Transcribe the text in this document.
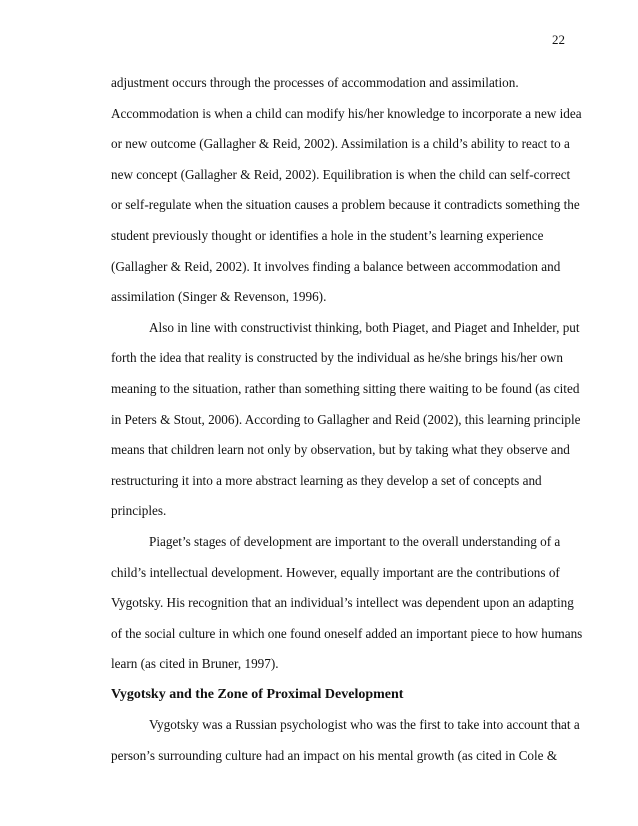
22
adjustment occurs through the processes of accommodation and assimilation.
Accommodation is when a child can modify his/her knowledge to incorporate a new idea
or new outcome (Gallagher & Reid, 2002). Assimilation is a child’s ability to react to a
new concept (Gallagher & Reid, 2002). Equilibration is when the child can self-correct
or self-regulate when the situation causes a problem because it contradicts something the
student previously thought or identifies a hole in the student’s learning experience
(Gallagher & Reid, 2002). It involves finding a balance between accommodation and
assimilation (Singer & Revenson, 1996).
Also in line with constructivist thinking, both Piaget, and Piaget and Inhelder, put
forth the idea that reality is constructed by the individual as he/she brings his/her own
meaning to the situation, rather than something sitting there waiting to be found (as cited
in Peters & Stout, 2006). According to Gallagher and Reid (2002), this learning principle
means that children learn not only by observation, but by taking what they observe and
restructuring it into a more abstract learning as they develop a set of concepts and
principles.
Piaget’s stages of development are important to the overall understanding of a
child’s intellectual development. However, equally important are the contributions of
Vygotsky. His recognition that an individual’s intellect was dependent upon an adapting
of the social culture in which one found oneself added an important piece to how humans
learn (as cited in Bruner, 1997).
Vygotsky and the Zone of Proximal Development
Vygotsky was a Russian psychologist who was the first to take into account that a
person’s surrounding culture had an impact on his mental growth (as cited in Cole &
